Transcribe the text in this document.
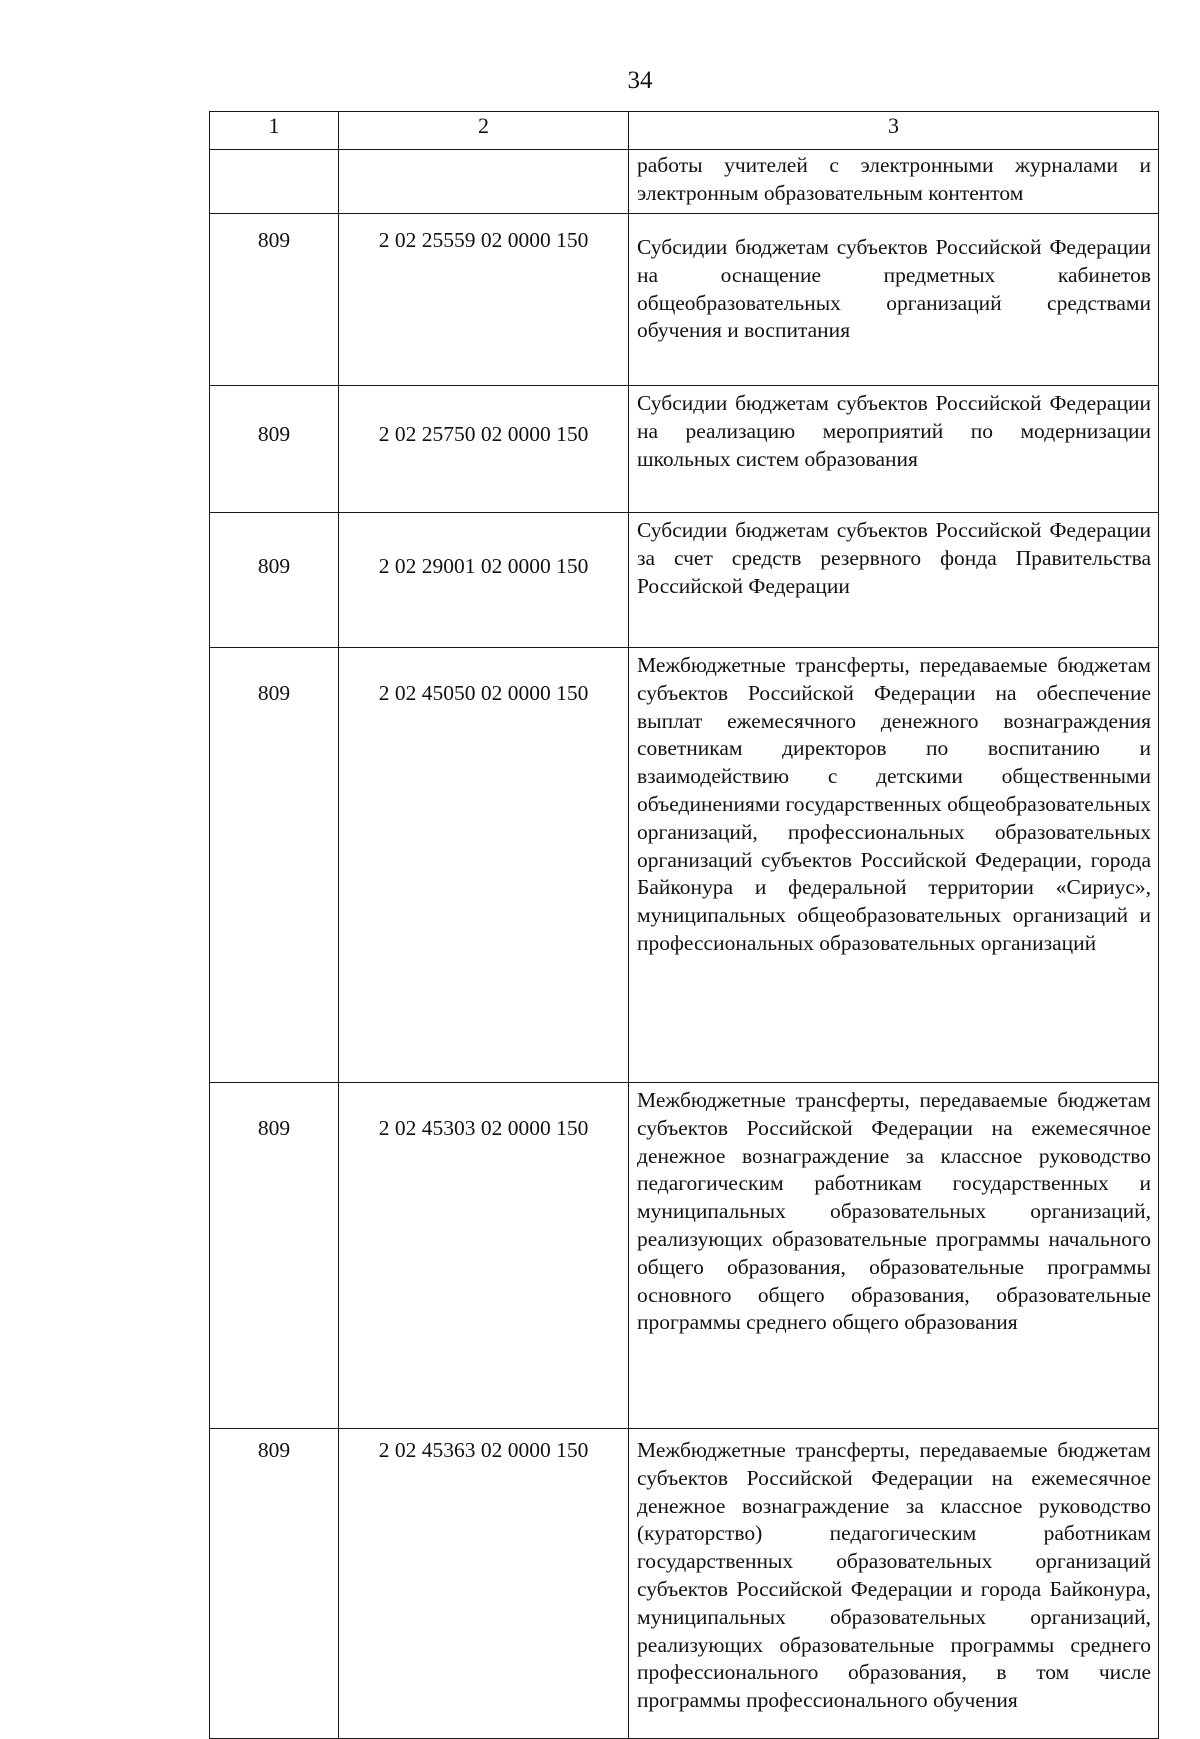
34
1	2	3
		работы учителей с электронными журналами и электронным образовательным контентом
809	2 02 25559 02 0000 150	Субсидии бюджетам субъектов Российской Федерации на оснащение предметных кабинетов общеобразовательных организаций средствами обучения и воспитания
809	2 02 25750 02 0000 150	Субсидии бюджетам субъектов Российской Федерации на реализацию мероприятий по модернизации школьных систем образования
809	2 02 29001 02 0000 150	Субсидии бюджетам субъектов Российской Федерации за счет средств резервного фонда Правительства Российской Федерации
809	2 02 45050 02 0000 150	Межбюджетные трансферты, передаваемые бюджетам субъектов Российской Федерации на обеспечение выплат ежемесячного денежного вознаграждения советникам директоров по воспитанию и взаимодействию с детскими общественными объединениями государственных общеобразовательных организаций, профессиональных образовательных организаций субъектов Российской Федерации, города Байконура и федеральной территории «Сириус», муниципальных общеобразовательных организаций и профессиональных образовательных организаций
809	2 02 45303 02 0000 150	Межбюджетные трансферты, передаваемые бюджетам субъектов Российской Федерации на ежемесячное денежное вознаграждение за классное руководство педагогическим работникам государственных и муниципальных образовательных организаций, реализующих образовательные программы начального общего образования, образовательные программы основного общего образования, образовательные программы среднего общего образования
809	2 02 45363 02 0000 150	Межбюджетные трансферты, передаваемые бюджетам субъектов Российской Федерации на ежемесячное денежное вознаграждение за классное руководство (кураторство) педагогическим работникам государственных образовательных организаций субъектов Российской Федерации и города Байконура, муниципальных образовательных организаций, реализующих образовательные программы среднего профессионального образования, в том числе программы профессионального обучения
